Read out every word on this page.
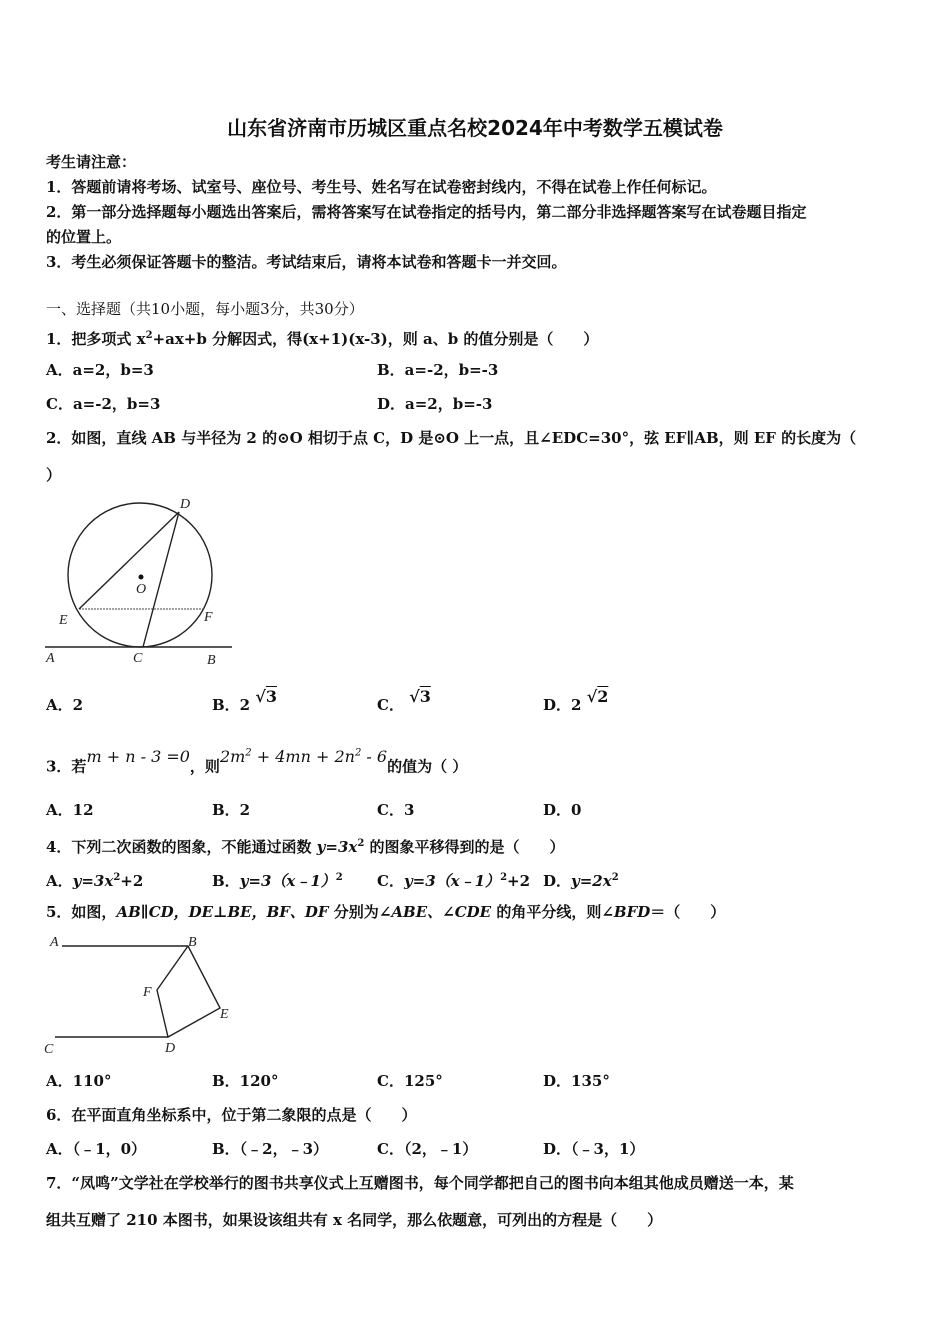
山东省济南市历城区重点名校2024年中考数学五模试卷
考生请注意：
1．答题前请将考场、试室号、座位号、考生号、姓名写在试卷密封线内，不得在试卷上作任何标记。
2．第一部分选择题每小题选出答案后，需将答案写在试卷指定的括号内，第二部分非选择题答案写在试卷题目指定
的位置上。
3．考生必须保证答题卡的整洁。考试结束后，请将本试卷和答题卡一并交回。
一、选择题（共10小题，每小题3分，共30分）
1．把多项式 $x^2+ax+b$ 分解因式，得(x+1)(x-3)，则 a、b 的值分别是（　　）
A．a=2，b=3	B．a=-2，b=-3
C．a=-2，b=3	D．a=2，b=-3
2．如图，直线 AB 与半径为 2 的⊙O 相切于点 C，D 是⊙O 上一点，且∠EDC=30°，弦 EF∥AB，则 EF 的长度为（
）
D
O
E	F
A	C	B
A．2	B．2 √3	C． √3	D．2 √2
3．若m + n - 3 =0，则$2m^2 + 4mn + 2n^2 - 6$的值为（ ）
A．12	B．2	C．3	D．0
4．下列二次函数的图象，不能通过函数 $y=3x^2$ 的图象平移得到的是（　　）
A．$y=3x^2+2$	B．y=3（x﹣1）$^2$ C．y=3（x﹣1）$^2$+2 D．$y=2x^2$
5．如图，AB∥CD，DE⊥BE，BF、DF 分别为∠ABE、∠CDE 的角平分线，则∠BFD＝（　　）
A	B
F
E
C	D
A．110°	B．120°	C．125°	D．135°
6．在平面直角坐标系中，位于第二象限的点是（　　）
A．（﹣1，0）	B．（﹣2，﹣3）	C．（2，﹣1）	D．（﹣3，1）
7．“凤鸣”文学社在学校举行的图书共享仪式上互赠图书，每个同学都把自己的图书向本组其他成员赠送一本，某
组共互赠了 210 本图书，如果设该组共有 x 名同学，那么依题意，可列出的方程是（　　）
